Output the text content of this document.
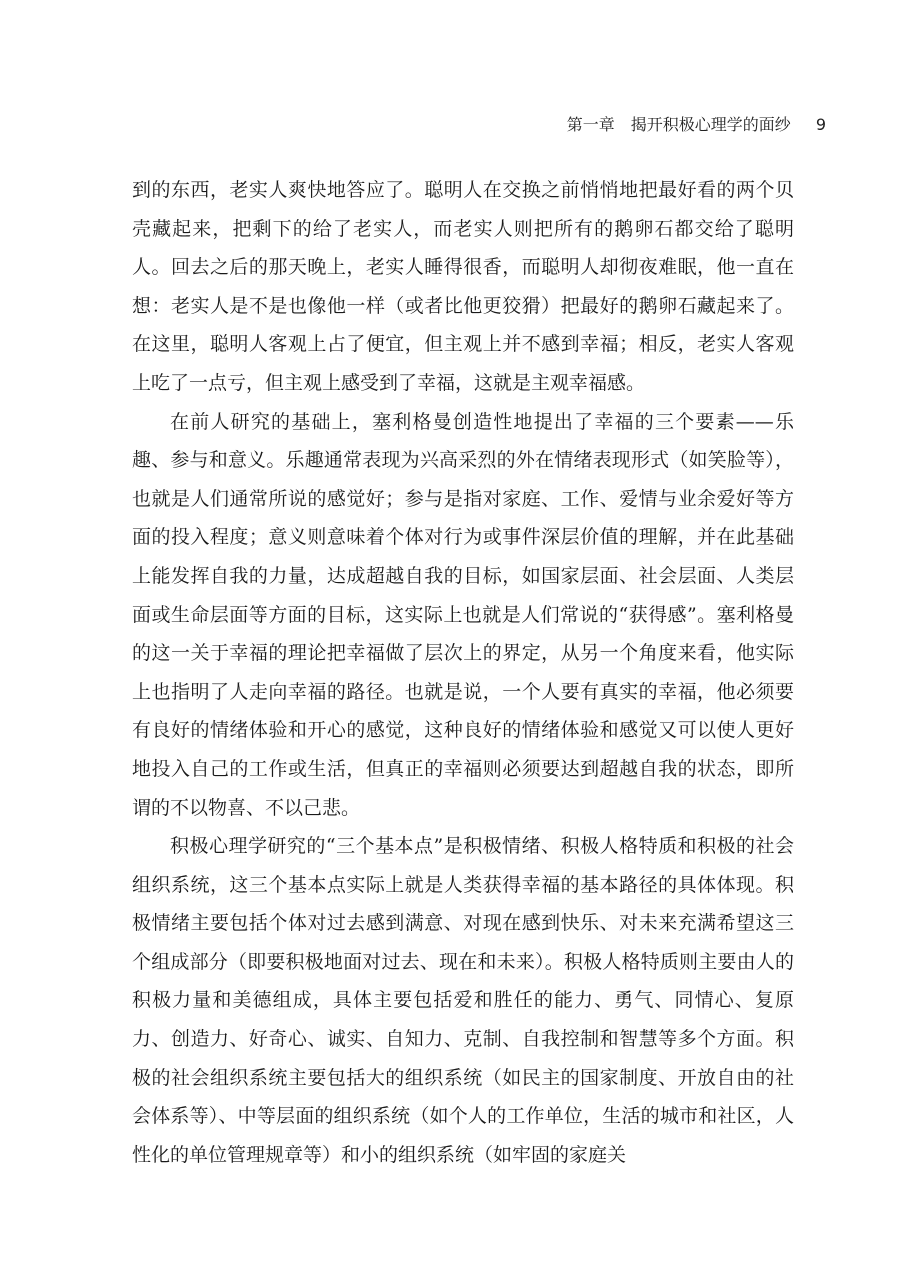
第一章　揭开积极心理学的面纱 9

到的东西，老实人爽快地答应了。聪明人在交换之前悄悄地把最好看的两个贝壳藏起来，把剩下的给了老实人，而老实人则把所有的鹅卵石都交给了聪明人。回去之后的那天晚上，老实人睡得很香，而聪明人却彻夜难眠，他一直在想：老实人是不是也像他一样（或者比他更狡猾）把最好的鹅卵石藏起来了。在这里，聪明人客观上占了便宜，但主观上并不感到幸福；相反，老实人客观上吃了一点亏，但主观上感受到了幸福，这就是主观幸福感。

在前人研究的基础上，塞利格曼创造性地提出了幸福的三个要素——乐趣、参与和意义。乐趣通常表现为兴高采烈的外在情绪表现形式（如笑脸等），也就是人们通常所说的感觉好；参与是指对家庭、工作、爱情与业余爱好等方面的投入程度；意义则意味着个体对行为或事件深层价值的理解，并在此基础上能发挥自我的力量，达成超越自我的目标，如国家层面、社会层面、人类层面或生命层面等方面的目标，这实际上也就是人们常说的“获得感”。塞利格曼的这一关于幸福的理论把幸福做了层次上的界定，从另一个角度来看，他实际上也指明了人走向幸福的路径。也就是说，一个人要有真实的幸福，他必须要有良好的情绪体验和开心的感觉，这种良好的情绪体验和感觉又可以使人更好地投入自己的工作或生活，但真正的幸福则必须要达到超越自我的状态，即所谓的不以物喜、不以己悲。

积极心理学研究的“三个基本点”是积极情绪、积极人格特质和积极的社会组织系统，这三个基本点实际上就是人类获得幸福的基本路径的具体体现。积极情绪主要包括个体对过去感到满意、对现在感到快乐、对未来充满希望这三个组成部分（即要积极地面对过去、现在和未来）。积极人格特质则主要由人的积极力量和美德组成，具体主要包括爱和胜任的能力、勇气、同情心、复原力、创造力、好奇心、诚实、自知力、克制、自我控制和智慧等多个方面。积极的社会组织系统主要包括大的组织系统（如民主的国家制度、开放自由的社会体系等）、中等层面的组织系统（如个人的工作单位，生活的城市和社区，人性化的单位管理规章等）和小的组织系统（如牢固的家庭关
